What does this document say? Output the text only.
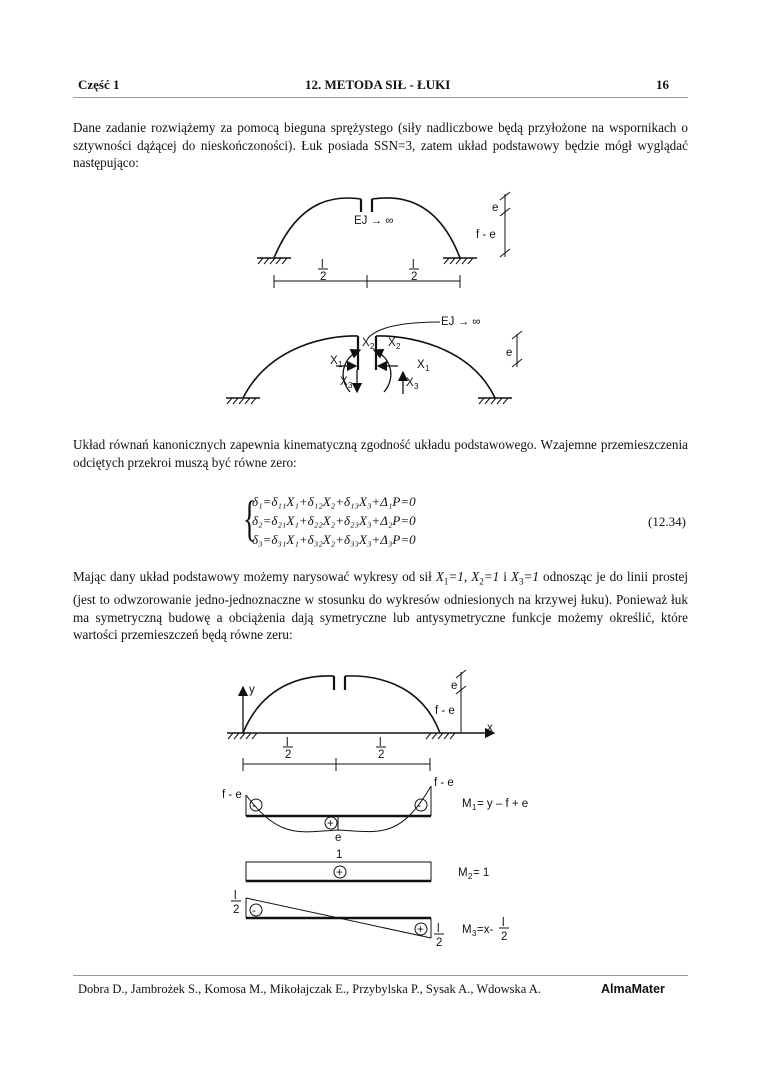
Część 1	12. METODA SIŁ - ŁUKI	16
Dane zadanie rozwiążemy za pomocą bieguna sprężystego (siły nadliczbowe będą przyłożone na wspornikach o sztywności dążącej do nieskończoności). Łuk posiada SSN=3, zatem układ podstawowy będzie mógł wyglądać następująco:
Układ równań kanonicznych zapewnia kinematyczną zgodność układu podstawowego. Wzajemne przemieszczenia odciętych przekroi muszą być równe zero:
{
δ₁=δ₁₁X₁+δ₁₂X₂+δ₁₃X₃+Δ₁P=0
δ₂=δ₂₁X₁+δ₂₂X₂+δ₂₃X₃+Δ₂P=0
δ₃=δ₃₁X₁+δ₃₂X₂+δ₃₃X₃+Δ₃P=0
(12.34)
Mając dany układ podstawowy możemy narysować wykresy od sił $X_1=1$, $X_2=1$ i $X_3=1$ odnosząc je do linii prostej (jest to odwzorowanie jedno-jednoznaczne w stosunku do wykresów odniesionych na krzywej łuku). Ponieważ łuk ma symetryczną budowę a obciążenia dają symetryczne lub antysymetryczne funkcje możemy określić, które wartości przemieszczeń będą równe zeru:
EJ → ∞
e
f - e
l
2
l
2
EJ → ∞
e
X 1	X 1
X 2 X 2
X 3	X 3
y
x
e
f - e
l
2
l
2
-	-
+
f - e
f - e
e
M 1 = y – f + e
1
+	M 2 = 1
-
+
l
2
l
2
M 3 =x-
l
2
Dobra D., Jambrożek S., Komosa M., Mikołajczak E., Przybylska P., Sysak A., Wdowska A.	AlmaMater
